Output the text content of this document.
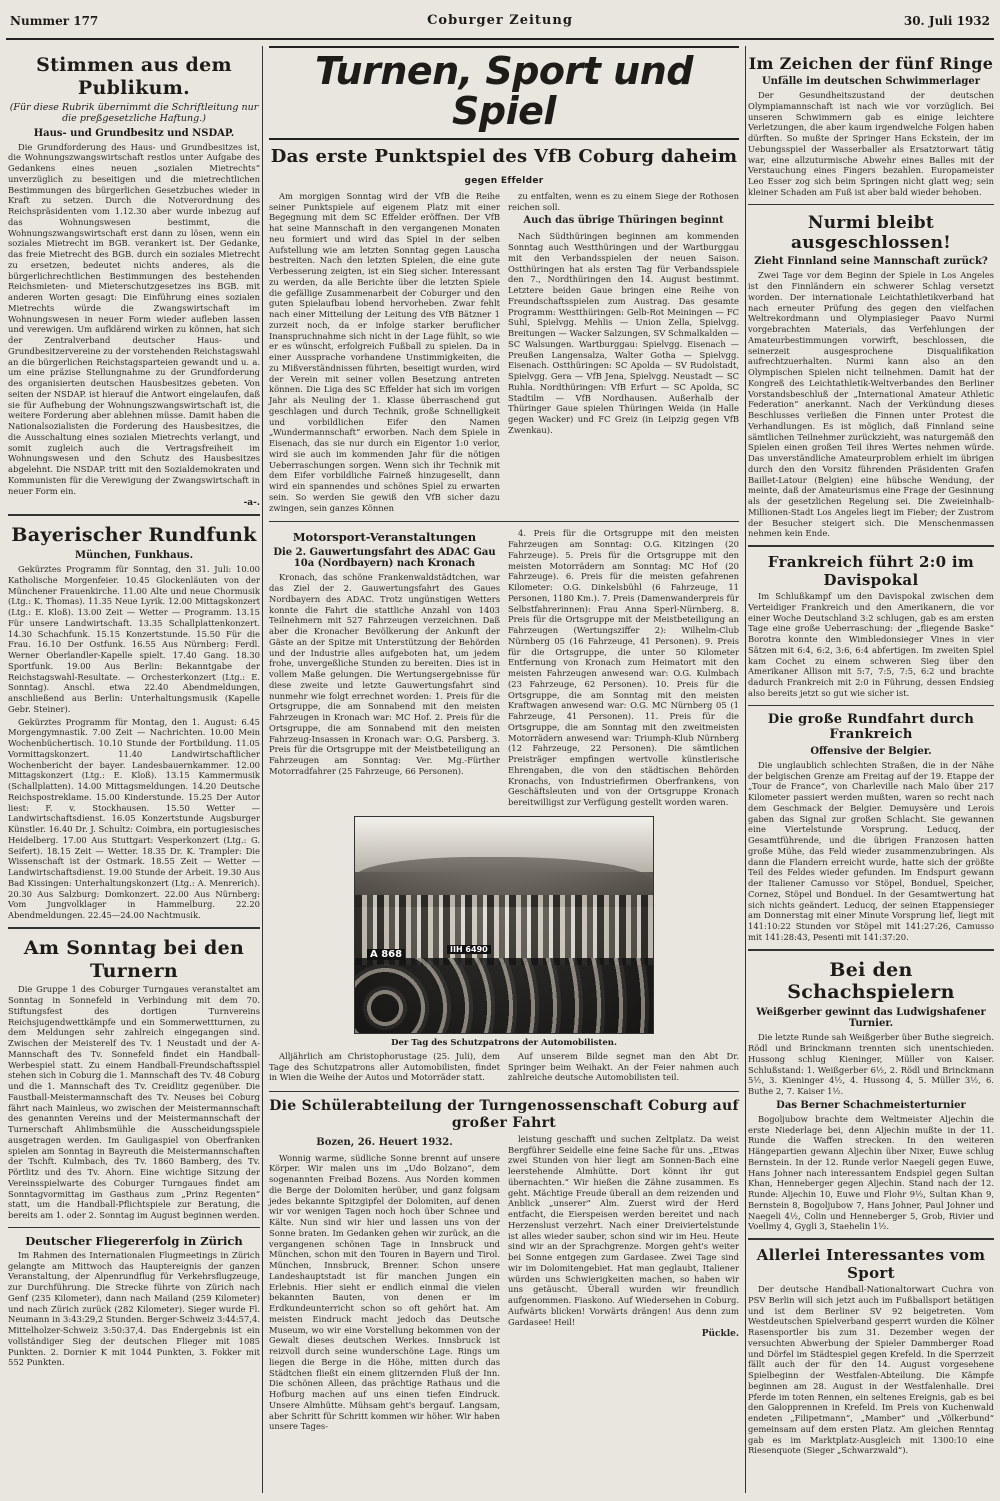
Nummer 177	Coburger Zeitung	30. Juli 1932
Stimmen aus dem Publikum.
(Für diese Rubrik übernimmt die Schriftleitung nur die preßgesetzliche Haftung.)
Haus- und Grundbesitz und NSDAP.

Die Grundforderung des Haus- und Grundbesitzes ist, die Wohnungszwangswirtschaft restlos unter Aufgabe des Gedankens eines neuen „sozialen Mietrechts“ unverzüglich zu beseitigen und die mietrechtlichen Bestimmungen des bürgerlichen Gesetzbuches wieder in Kraft zu setzen. Durch die Notverordnung des Reichspräsidenten vom 1.12.30 aber wurde inbezug auf das Wohnungswesen bestimmt, die Wohnungszwangswirtschaft erst dann zu lösen, wenn ein soziales Mietrecht im BGB. verankert ist. Der Gedanke, das freie Mietrecht des BGB. durch ein soziales Mietrecht zu ersetzen, bedeutet nichts anderes, als die bürgerlichrechtlichen Bestimmungen des bestehenden Reichsmieten- und Mieterschutzgesetzes ins BGB. mit anderen Worten gesagt: Die Einführung eines sozialen Mietrechts würde die Zwangswirtschaft im Wohnungswesen in neuer Form wieder aufleben lassen und verewigen. Um aufklärend wirken zu können, hat sich der Zentralverband deutscher Haus- und Grundbesitzervereine zu der vorstehenden Reichstagswahl an die bürgerlichen Reichstagsparteien gewandt und u. a. um eine präzise Stellungnahme zu der Grundforderung des organisierten deutschen Hausbesitzes gebeten. Von seiten der NSDAP. ist hierauf die Antwort eingelaufen, daß sie für Aufhebung der Wohnungszwangswirtschaft ist, die weitere Forderung aber ablehnen müsse. Damit haben die Nationalsozialisten die Forderung des Hausbesitzes, die die Ausschaltung eines sozialen Mietrechts verlangt, und somit zugleich auch die Vertragsfreiheit im Wohnungswesen und den Schutz des Hausbesitzes abgelehnt. Die NSDAP. tritt mit den Sozialdemokraten und Kommunisten für die Verewigung der Zwangswirtschaft in neuer Form ein.

-a-.
Bayerischer Rundfunk
München, Funkhaus.

Gekürztes Programm für Sonntag, den 31. Juli: 10.00 Katholische Morgenfeier. 10.45 Glockenläuten von der Münchener Frauenkirche. 11.00 Alte und neue Chormusik (Ltg.: K. Thomas). 11.35 Neue Lyrik. 12.00 Mittagskonzert (Ltg.: E. Kloß). 13.00 Zeit — Wetter — Programm. 13.15 Für unsere Landwirtschaft. 13.35 Schallplattenkonzert. 14.30 Schachfunk. 15.15 Konzertstunde. 15.50 Für die Frau. 16.10 Der Ostfunk. 16.55 Aus Nürnberg: Ferdl. Werner Oberlandler-Kapelle spielt. 17.40 Gang. 18.30 Sportfunk. 19.00 Aus Berlin: Bekanntgabe der Reichstagswahl-Resultate. — Orchesterkonzert (Ltg.: E. Sonntag). Anschl. etwa 22.40 Abendmeldungen, anschließend aus Berlin: Unterhaltungsmusik (Kapelle Gebr. Steiner).

Gekürztes Programm für Montag, den 1. August: 6.45 Morgengymnastik. 7.00 Zeit — Nachrichten. 10.00 Mein Wochenbüchertisch. 10.10 Stunde der Fortbildung. 11.05 Vormittagskonzert. 11.40 Landwirtschaftlicher Wochenbericht der bayer. Landesbauernkammer. 12.00 Mittagskonzert (Ltg.: E. Kloß). 13.15 Kammermusik (Schallplatten). 14.00 Mittagsmeldungen. 14.20 Deutsche Reichspostreklame. 15.00 Kinderstunde. 15.25 Der Autor liest: F. v. Stockhausen. 15.50 Wetter — Landwirtschaftsdienst. 16.05 Konzertstunde Augsburger Künstler. 16.40 Dr. J. Schultz: Coimbra, ein portugiesisches Heidelberg. 17.00 Aus Stuttgart: Vesperkonzert (Ltg.: G. Seifert). 18.15 Zeit — Wetter. 18.35 Dr. K. Trampler: Die Wissenschaft ist der Ostmark. 18.55 Zeit — Wetter — Landwirtschaftsdienst. 19.00 Stunde der Arbeit. 19.30 Aus Bad Kissingen: Unterhaltungskonzert (Ltg.: A. Menrerich). 20.30 Aus Salzburg: Domkonzert. 22.00 Aus Nürnberg: Vom Jungvolklager in Hammelburg. 22.20 Abendmeldungen. 22.45—24.00 Nachtmusik.

Am Sonntag bei den Turnern

Die Gruppe 1 des Coburger Turngaues veranstaltet am Sonntag in Sonnefeld in Verbindung mit dem 70. Stiftungsfest des dortigen Turnvereins Reichsjugendwettkämpfe und ein Sommerwettturnen, zu dem Meldungen sehr zahlreich eingegangen sind. Zwischen der Meisterelf des Tv. 1 Neustadt und der A-Mannschaft des Tv. Sonnefeld findet ein Handball-Werbespiel statt. Zu einem Handball-Freundschaftsspiel stehen sich in Coburg die 1. Mannschaft des Tv. 48 Coburg und die 1. Mannschaft des Tv. Creidlitz gegenüber. Die Faustball-Meistermannschaft des Tv. Neuses bei Coburg fährt nach Mainleus, wo zwischen der Meistermannschaft des genannten Vereins und der Meistermannschaft der Turnerschaft Ahlimbsmühle die Ausscheidungsspiele ausgetragen werden. Im Gauligaspiel von Oberfranken spielen am Sonntag in Bayreuth die Meistermannschaften der Tschft. Kulmbach, des Tv. 1860 Bamberg, des Tv. Pörtlitz und des Tv. Ahorn. Eine wichtige Sitzung der Vereinsspielwarte des Coburger Turngaues findet am Sonntagvormittag im Gasthaus zum „Prinz Regenten“ statt, um die Handball-Pflichtspiele zur Beratung, die bereits am 1. oder 2. Sonntag im August beginnen werden.

Deutscher Fliegererfolg in Zürich

Im Rahmen des Internationalen Flugmeetings in Zürich gelangte am Mittwoch das Hauptereignis der ganzen Veranstaltung, der Alpenrundflug für Verkehrsflugzeuge, zur Durchführung. Die Strecke führte von Zürich nach Genf (235 Kilometer), dann nach Mailand (259 Kilometer) und nach Zürich zurück (282 Kilometer). Sieger wurde Fl. Neumann in 3:43:29,2 Stunden. Berger-Schweiz 3:44:57,4. Mittelholzer-Schweiz 3:50:37,4. Das Endergebnis ist ein vollständiger Sieg der deutschen Flieger mit 1085 Punkten. 2. Dornier K mit 1044 Punkten, 3. Fokker mit 552 Punkten.

Turnen, Sport und Spiel
Das erste Punktspiel des VfB Coburg daheim gegen Effelder

Am morgigen Sonntag wird der VfB die Reihe seiner Punktspiele auf eigenem Platz mit einer Begegnung mit dem SC Effelder eröffnen. Der VfB hat seine Mannschaft in den vergangenen Monaten neu formiert und wird das Spiel in der selben Aufstellung wie am letzten Sonntag gegen Lauscha bestreiten. Nach den letzten Spielen, die eine gute Verbesserung zeigten, ist ein Sieg sicher. Interessant zu werden, da alle Berichte über die letzten Spiele die gefällige Zusammenarbeit der Coburger und den guten Spielaufbau lobend hervorheben. Zwar fehlt nach einer Mitteilung der Leitung des VfB Bätzner 1 zurzeit noch, da er infolge starker beruflicher Inanspruchnahme sich nicht in der Lage fühlt, so wie er es wünscht, erfolgreich Fußball zu spielen. Da in einer Aussprache vorhandene Unstimmigkeiten, die zu Mißverständnissen führten, beseitigt wurden, wird der Verein mit seiner vollen Besetzung antreten können. Die Liga des SC Effelder hat sich im vorigen Jahr als Neuling der 1. Klasse überraschend gut geschlagen und durch Technik, große Schnelligkeit und vorbildlichen Eifer den Namen „Wundermannschaft“ erworben. Nach dem Spiele in Eisenach, das sie nur durch ein Eigentor 1:0 verlor, wird sie auch im kommenden Jahr für die nötigen Ueberraschungen sorgen. Wenn sich ihr Technik mit dem Eifer vorbildliche Fairneß hinzugesellt, dann wird ein spannendes und schönes Spiel zu erwarten sein. So werden Sie gewiß den VfB sicher dazu zwingen, sein ganzes Können

zu entfalten, wenn es zu einem Siege der Rothosen reichen soll.

Auch das übrige Thüringen beginnt

Nach Südthüringen beginnen am kommenden Sonntag auch Westthüringen und der Wartburggau mit den Verbandsspielen der neuen Saison. Ostthüringen hat als ersten Tag für Verbandsspiele den 7., Nordthüringen den 14. August bestimmt. Letztere beiden Gaue bringen eine Reihe von Freundschaftsspielen zum Austrag. Das gesamte Programm: Westthüringen: Gelb-Rot Meiningen — FC Suhl, Spielvgg. Mehlis — Union Zella, Spielvgg. Breitungen — Wacker Salzungen, SV Schmalkalden — SC Walsungen. Wartburggau: Spielvgg. Eisenach — Preußen Langensalza, Walter Gotha — Spielvgg. Eisenach. Ostthüringen: SC Apolda — SV Rudolstadt, Spielvgg. Gera — VfB Jena, Spielvgg. Neustadt — SC Ruhla. Nordthüringen: VfB Erfurt — SC Apolda, SC Stadtilm — VfB Nordhausen. Außerhalb der Thüringer Gaue spielen Thüringen Weida (in Halle gegen Wacker) und FC Greiz (in Leipzig gegen VfB Zwenkau).

Motorsport-Veranstaltungen
Die 2. Gauwertungsfahrt des ADAC Gau 10a (Nordbayern) nach Kronach

Kronach, das schöne Frankenwaldstädtchen, war das Ziel der 2. Gauwertungsfahrt des Gaues Nordbayern des ADAC. Trotz ungünstigen Wetters konnte die Fahrt die stattliche Anzahl von 1403 Teilnehmern mit 527 Fahrzeugen verzeichnen. Daß aber die Kronacher Bevölkerung der Ankunft der Gäste an der Spitze mit Unterstützung der Behörden und der Industrie alles aufgeboten hat, um jedem frohe, unvergeßliche Stunden zu bereiten. Dies ist in vollem Maße gelungen. Die Wertungsergebnisse für diese zweite und letzte Gauwertungsfahrt sind nunmehr wie folgt errechnet worden: 1. Preis für die Ortsgruppe, die am Sonnabend mit den meisten Fahrzeugen in Kronach war: MC Hof. 2. Preis für die Ortsgruppe, die am Sonnabend mit den meisten Fahrzeug-Insassen in Kronach war: O.G. Parsberg. 3. Preis für die Ortsgruppe mit der Meistbeteiligung an Fahrzeugen am Sonntag: Ver. Mg.-Fürther Motorradfahrer (25 Fahrzeuge, 66 Personen).

4. Preis für die Ortsgruppe mit den meisten Fahrzeugen am Sonntag: O.G. Kitzingen (20 Fahrzeuge). 5. Preis für die Ortsgruppe mit den meisten Motorrädern am Sonntag: MC Hof (20 Fahrzeuge). 6. Preis für die meisten gefahrenen Kilometer: O.G. Dinkelsbühl (6 Fahrzeuge, 11 Personen, 1180 Km.). 7. Preis (Damenwanderpreis für Selbstfahrerinnen): Frau Anna Sperl-Nürnberg. 8. Preis für die Ortsgruppe mit der Meistbeteiligung an Fahrzeugen (Wertungsziffer 2): Wilhelm-Club Nürnberg 05 (16 Fahrzeuge, 41 Personen). 9. Preis für die Ortsgruppe, die unter 50 Kilometer Entfernung von Kronach zum Heimatort mit den meisten Fahrzeugen anwesend war: O.G. Kulmbach (23 Fahrzeuge, 62 Personen). 10. Preis für die Ortsgruppe, die am Sonntag mit den meisten Kraftwagen anwesend war: O.G. MC Nürnberg 05 (1 Fahrzeuge, 41 Personen). 11. Preis für die Ortsgruppe, die am Sonntag mit den zweitmeisten Motorrädern anwesend war: Triumph-Klub Nürnberg (12 Fahrzeuge, 22 Personen). Die sämtlichen Preisträger empfingen wertvolle künstlerische Ehrengaben, die von den städtischen Behörden Kronachs, von Industriefirmen Oberfrankens, von Geschäftsleuten und von der Ortsgruppe Kronach bereitwilligst zur Verfügung gestellt worden waren.

A 868	IIH 6490
Der Tag des Schutzpatrons der Automobilisten.

Alljährlich am Christophorustage (25. Juli), dem Tage des Schutzpatrons aller Automobilisten, findet in Wien die Weihe der Autos und Motorräder statt.

Auf unserem Bilde segnet man den Abt Dr. Springer beim Weihakt. An der Feier nahmen auch zahlreiche deutsche Automobilisten teil.

Die Schülerabteilung der Turngenossenschaft Coburg auf großer Fahrt
Bozen, 26. Heuert 1932.

Wonnig warme, südliche Sonne brennt auf unsere Körper. Wir malen uns im „Udo Bolzano“, dem sogenannten Freibad Bozens. Aus Norden kommen die Berge der Dolomiten herüber, und ganz folgsam jedes bekannte Spitzgipfel der Dolomiten, auf denen wir vor wenigen Tagen noch hoch über Schnee und Kälte. Nun sind wir hier und lassen uns von der Sonne braten. Im Gedanken gehen wir zurück, an die vergangenen schönen Tage in Innsbruck und München, schon mit den Touren in Bayern und Tirol. München, Innsbruck, Brenner. Schon unsere Landeshauptstadt ist für manchen Jungen ein Erlebnis. Hier sieht er endlich einmal die vielen bekannten Bauten, von denen er im Erdkundeunterricht schon so oft gehört hat. Am meisten Eindruck macht jedoch das Deutsche Museum, wo wir eine Vorstellung bekommen von der Gewalt dieses deutschen Werkes. Innsbruck ist reizvoll durch seine wunderschöne Lage. Rings um liegen die Berge in die Höhe, mitten durch das Städtchen fließt ein einem glitzernden Fluß der Inn. Die schönen Alleen, das prächtige Rathaus und die Hofburg machen auf uns einen tiefen Eindruck. Unsere Almhütte. Mühsam geht's bergauf. Langsam, aber Schritt für Schritt kommen wir höher. Wir haben unsere Tages-

leistung geschafft und suchen Zeltplatz. Da weist Bergführer Seidelle eine feine Sache für uns. „Etwas zwei Stunden von hier liegt am Sonnen-Bach eine leerstehende Almhütte. Dort könnt ihr gut übernachten.“ Wir hießen die Zähne zusammen. Es geht. Mächtige Freude überall an dem reizenden und Anblick „unserer“ Alm. Zuerst wird der Herd entfacht, die Eierspeisen werden bereitet und nach Herzenslust verzehrt. Nach einer Dreiviertelstunde ist alles wieder sauber, schon sind wir im Heu. Heute sind wir an der Sprachgrenze. Morgen geht's weiter bei Sonne entgegen zum Gardasee. Zwei Tage sind wir im Dolomitengebiet. Hat man geglaubt, Italiener würden uns Schwierigkeiten machen, so haben wir uns getäuscht. Überall wurden wir freundlich aufgenommen. Fiaskono. Auf Wiedersehen in Coburg. Aufwärts blicken! Vorwärts drängen! Aus denn zum Gardasee! Heil!

Pückle.
Im Zeichen der fünf Ringe
Unfälle im deutschen Schwimmerlager

Der Gesundheitszustand der deutschen Olympiamannschaft ist nach wie vor vorzüglich. Bei unseren Schwimmern gab es einige leichtere Verletzungen, die aber kaum irgendwelche Folgen haben dürften. So mußte der Springer Hans Eckstein, der im Uebungsspiel der Wasserballer als Ersatztorwart tätig war, eine allzuturmische Abwehr eines Balles mit der Verstauchung eines Fingers bezahlen. Europameister Leo Esser zog sich beim Springen nicht glatt weg; sein kleiner Schaden am Fuß ist aber bald wieder behoben.

Nurmi bleibt ausgeschlossen!
Zieht Finnland seine Mannschaft zurück?

Zwei Tage vor dem Beginn der Spiele in Los Angeles ist den Finnländern ein schwerer Schlag versetzt worden. Der internationale Leichtathletikverband hat nach erneuter Prüfung des gegen den vielfachen Weltrekordmann und Olympiasieger Paavo Nurmi vorgebrachten Materials, das Verfehlungen der Amateurbestimmungen vorwirft, beschlossen, die seinerzeit ausgesprochene Disqualifikation aufrechtzuerhalten. Nurmi kann also an den Olympischen Spielen nicht teilnehmen. Damit hat der Kongreß des Leichtathletik-Weltverbandes den Berliner Vorstandsbeschluß der „International Amateur Athletic Federation“ anerkannt. Nach der Verkündung dieses Beschlusses verließen die Finnen unter Protest die Verhandlungen. Es ist möglich, daß Finnland seine sämtlichen Teilnehmer zurückzieht, was naturgemäß den Spielen einen großen Teil ihres Wertes nehmen würde. Das unverständliche Amateurproblem erhielt im übrigen durch den den Vorsitz führenden Präsidenten Grafen Baillet-Latour (Belgien) eine hübsche Wendung, der meinte, daß der Amateurismus eine Frage der Gesinnung als der gesetzlichen Regelung sei. Die Zweieinhalb-Millionen-Stadt Los Angeles liegt im Fieber; der Zustrom der Besucher steigert sich. Die Menschenmassen nehmen kein Ende.

Frankreich führt 2:0 im Davispokal

Im Schlußkampf um den Davispokal zwischen dem Verteidiger Frankreich und den Amerikanern, die vor einer Woche Deutschland 3:2 schlugen, gab es am ersten Tage eine große Ueberraschung: der „fliegende Baske“ Borotra konnte den Wimbledonsieger Vines in vier Sätzen mit 6:4, 6:2, 3:6, 6:4 abfertigen. Im zweiten Spiel kam Cochet zu einem schweren Sieg über den Amerikaner Allison mit 5:7, 7:5, 7:5, 6:2 und brachte dadurch Frankreich mit 2:0 in Führung, dessen Endsieg also bereits jetzt so gut wie sicher ist.

Die große Rundfahrt durch Frankreich
Offensive der Belgier.

Die unglaublich schlechten Straßen, die in der Nähe der belgischen Grenze am Freitag auf der 19. Etappe der „Tour de France“, von Charleville nach Malo über 217 Kilometer passiert werden mußten, waren so recht nach dem Geschmack der Belgier. Demuysère und Lerois gaben das Signal zur großen Schlacht. Sie gewannen eine Viertelstunde Vorsprung. Leducq, der Gesamtführende, und die übrigen Franzosen hatten große Mühe, das Feld wieder zusammenzubringen. Als dann die Flandern erreicht wurde, hatte sich der größte Teil des Feldes wieder gefunden. Im Endspurt gewann der Italiener Camusso vor Stöpel, Bonduel, Speicher, Cornez, Stöpel und Bonduel. In der Gesamtwertung hat sich nichts geändert. Leducq, der seinen Etappensieger am Donnerstag mit einer Minute Vorsprung lief, liegt mit 141:10:22 Stunden vor Stöpel mit 141:27:26, Camusso mit 141:28:43, Pesenti mit 141:37:20.

Bei den Schachspielern
Weißgerber gewinnt das Ludwigshafener Turnier.

Die letzte Runde sah Weißgerber über Buthe siegreich. Rödl und Brinckmann trennten sich unentschieden. Hussong schlug Kieninger, Müller von Kaiser. Schlußstand: 1. Weißgerber 6½, 2. Rödl und Brinckmann 5½, 3. Kieninger 4½, 4. Hussong 4, 5. Müller 3½, 6. Buthe 2, 7. Kaiser 1½.

Das Berner Schachmeisterturnier

Bogoljubow brachte dem Weltmeister Aljechin die erste Niederlage bei, denn Aljechin mußte in der 11. Runde die Waffen strecken. In den weiteren Hängepartien gewann Aljechin über Nixer, Euwe schlug Bernstein. In der 12. Runde verlor Naegeli gegen Euwe, Hans Johner nach interessantem Endspiel gegen Sultan Khan, Henneberger gegen Aljechin. Stand nach der 12. Runde: Aljechin 10, Euwe und Flohr 9½, Sultan Khan 9, Bernstein 8, Bogoljubow 7, Hans Johner, Paul Johner und Naegeli 4½, Colin und Henneberger 5, Grob, Rivier und Voellmy 4, Gygli 3, Staehelin 1½.

Allerlei Interessantes vom Sport

Der deutsche Handball-Nationaltorwart Cuchra von PSV Berlin will sich jetzt auch im Fußballsport betätigen und ist dem Berliner SV 92 beigetreten. Vom Westdeutschen Spielverband gesperrt wurden die Kölner Rasensportler bis zum 31. Dezember wegen der versuchten Abwerbung der Spieler Dammberger Road und Dörfel im Städtespiel gegen Krefeld. In die Sperrzeit fällt auch der für den 14. August vorgesehene Spielbeginn der Westfalen-Abteilung. Die Kämpfe beginnen am 28. August in der Westfalenhalle. Drei Pferde im toten Rennen, ein seltenes Ereignis, gab es bei den Galopprennen in Krefeld. Im Preis von Kuchenwald endeten „Filipetmann“, „Mamber“ und „Völkerbund“ gemeinsam auf dem ersten Platz. Am gleichen Renntag gab es im Marktplatz-Ausgleich mit 1300:10 eine Riesenquote (Sieger „Schwarzwald“).
